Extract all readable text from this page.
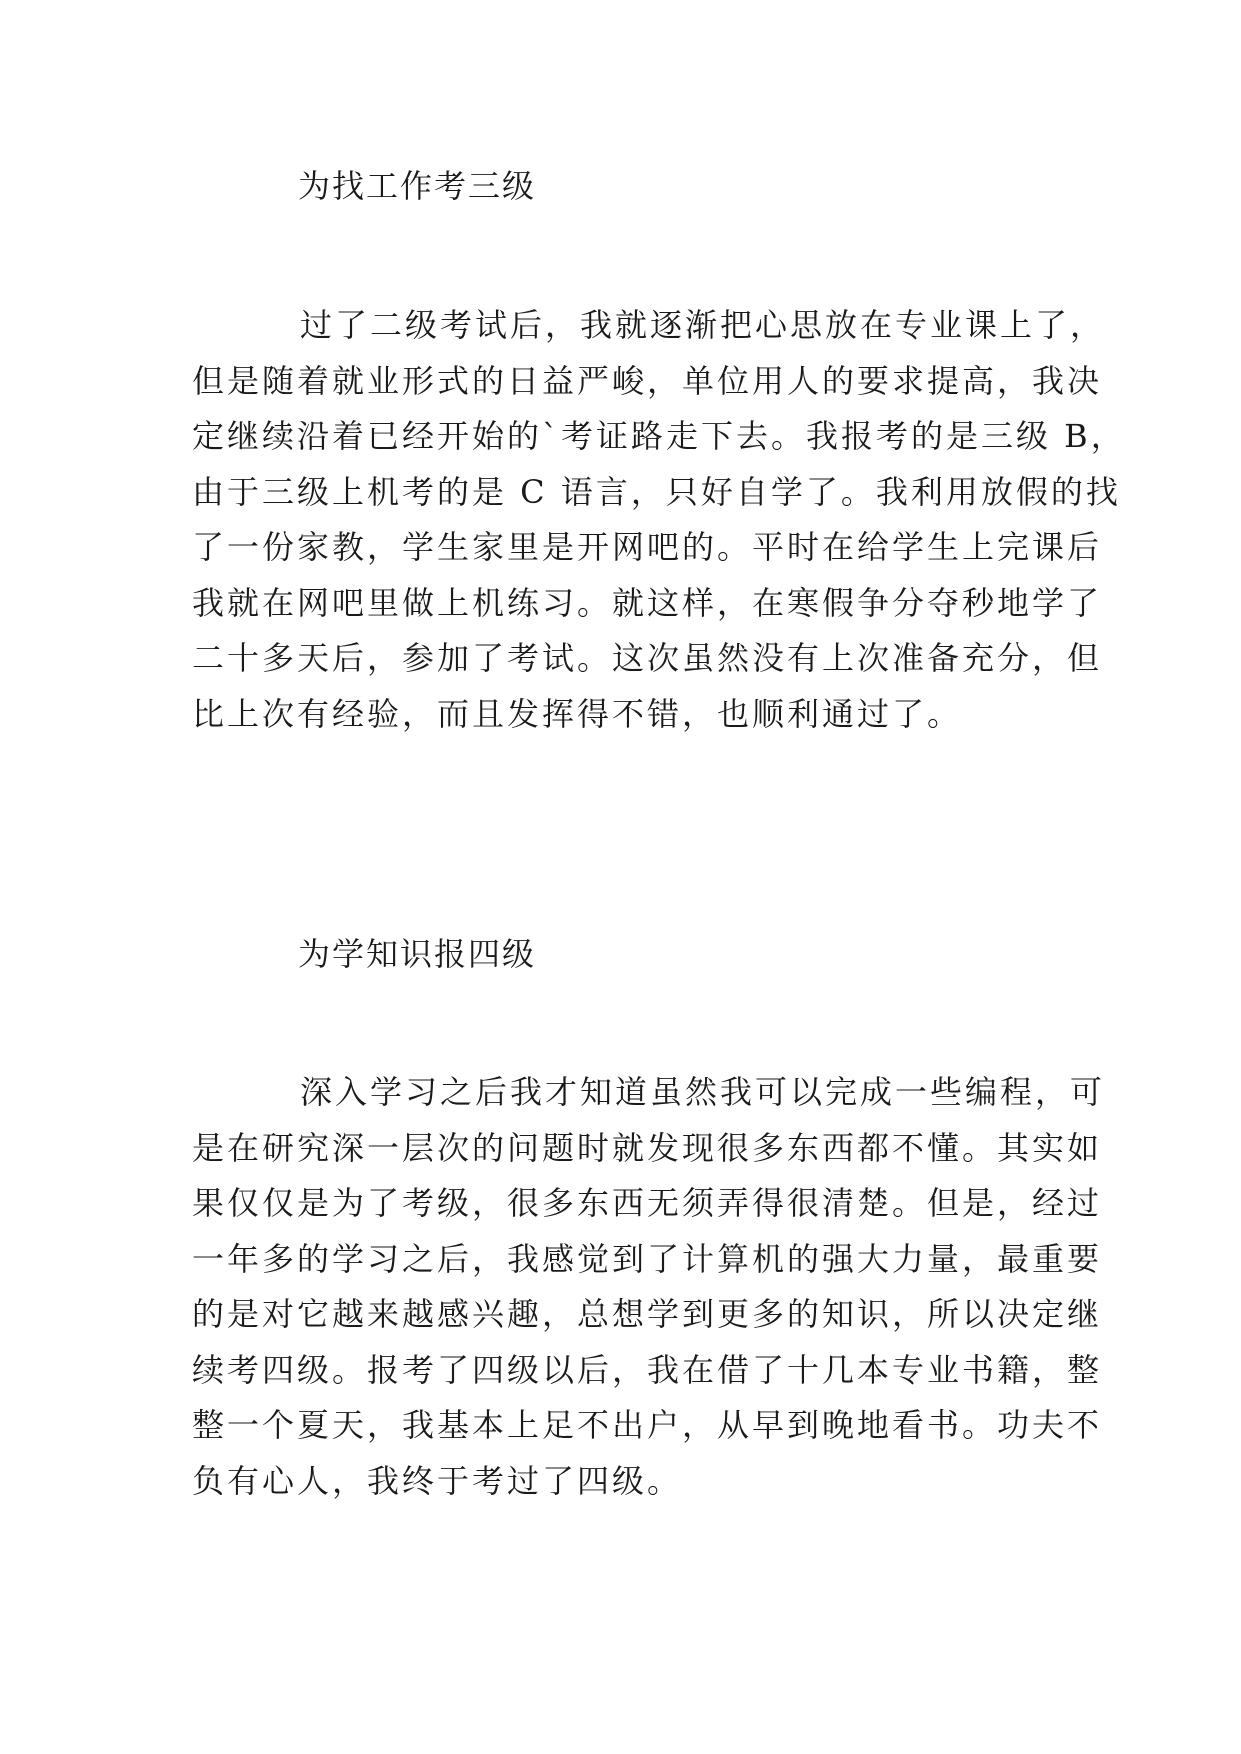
为找工作考三级
过了二级考试后，我就逐渐把心思放在专业课上了，
但是随着就业形式的日益严峻，单位用人的要求提高，我决
定继续沿着已经开始的`考证路走下去。我报考的是三级 B，
由于三级上机考的是 C 语言，只好自学了。我利用放假的找
了一份家教，学生家里是开网吧的。平时在给学生上完课后
我就在网吧里做上机练习。就这样，在寒假争分夺秒地学了
二十多天后，参加了考试。这次虽然没有上次准备充分，但
比上次有经验，而且发挥得不错，也顺利通过了。
为学知识报四级
深入学习之后我才知道虽然我可以完成一些编程，可
是在研究深一层次的问题时就发现很多东西都不懂。其实如
果仅仅是为了考级，很多东西无须弄得很清楚。但是，经过
一年多的学习之后，我感觉到了计算机的强大力量，最重要
的是对它越来越感兴趣，总想学到更多的知识，所以决定继
续考四级。报考了四级以后，我在借了十几本专业书籍，整
整一个夏天，我基本上足不出户，从早到晚地看书。功夫不
负有心人，我终于考过了四级。
